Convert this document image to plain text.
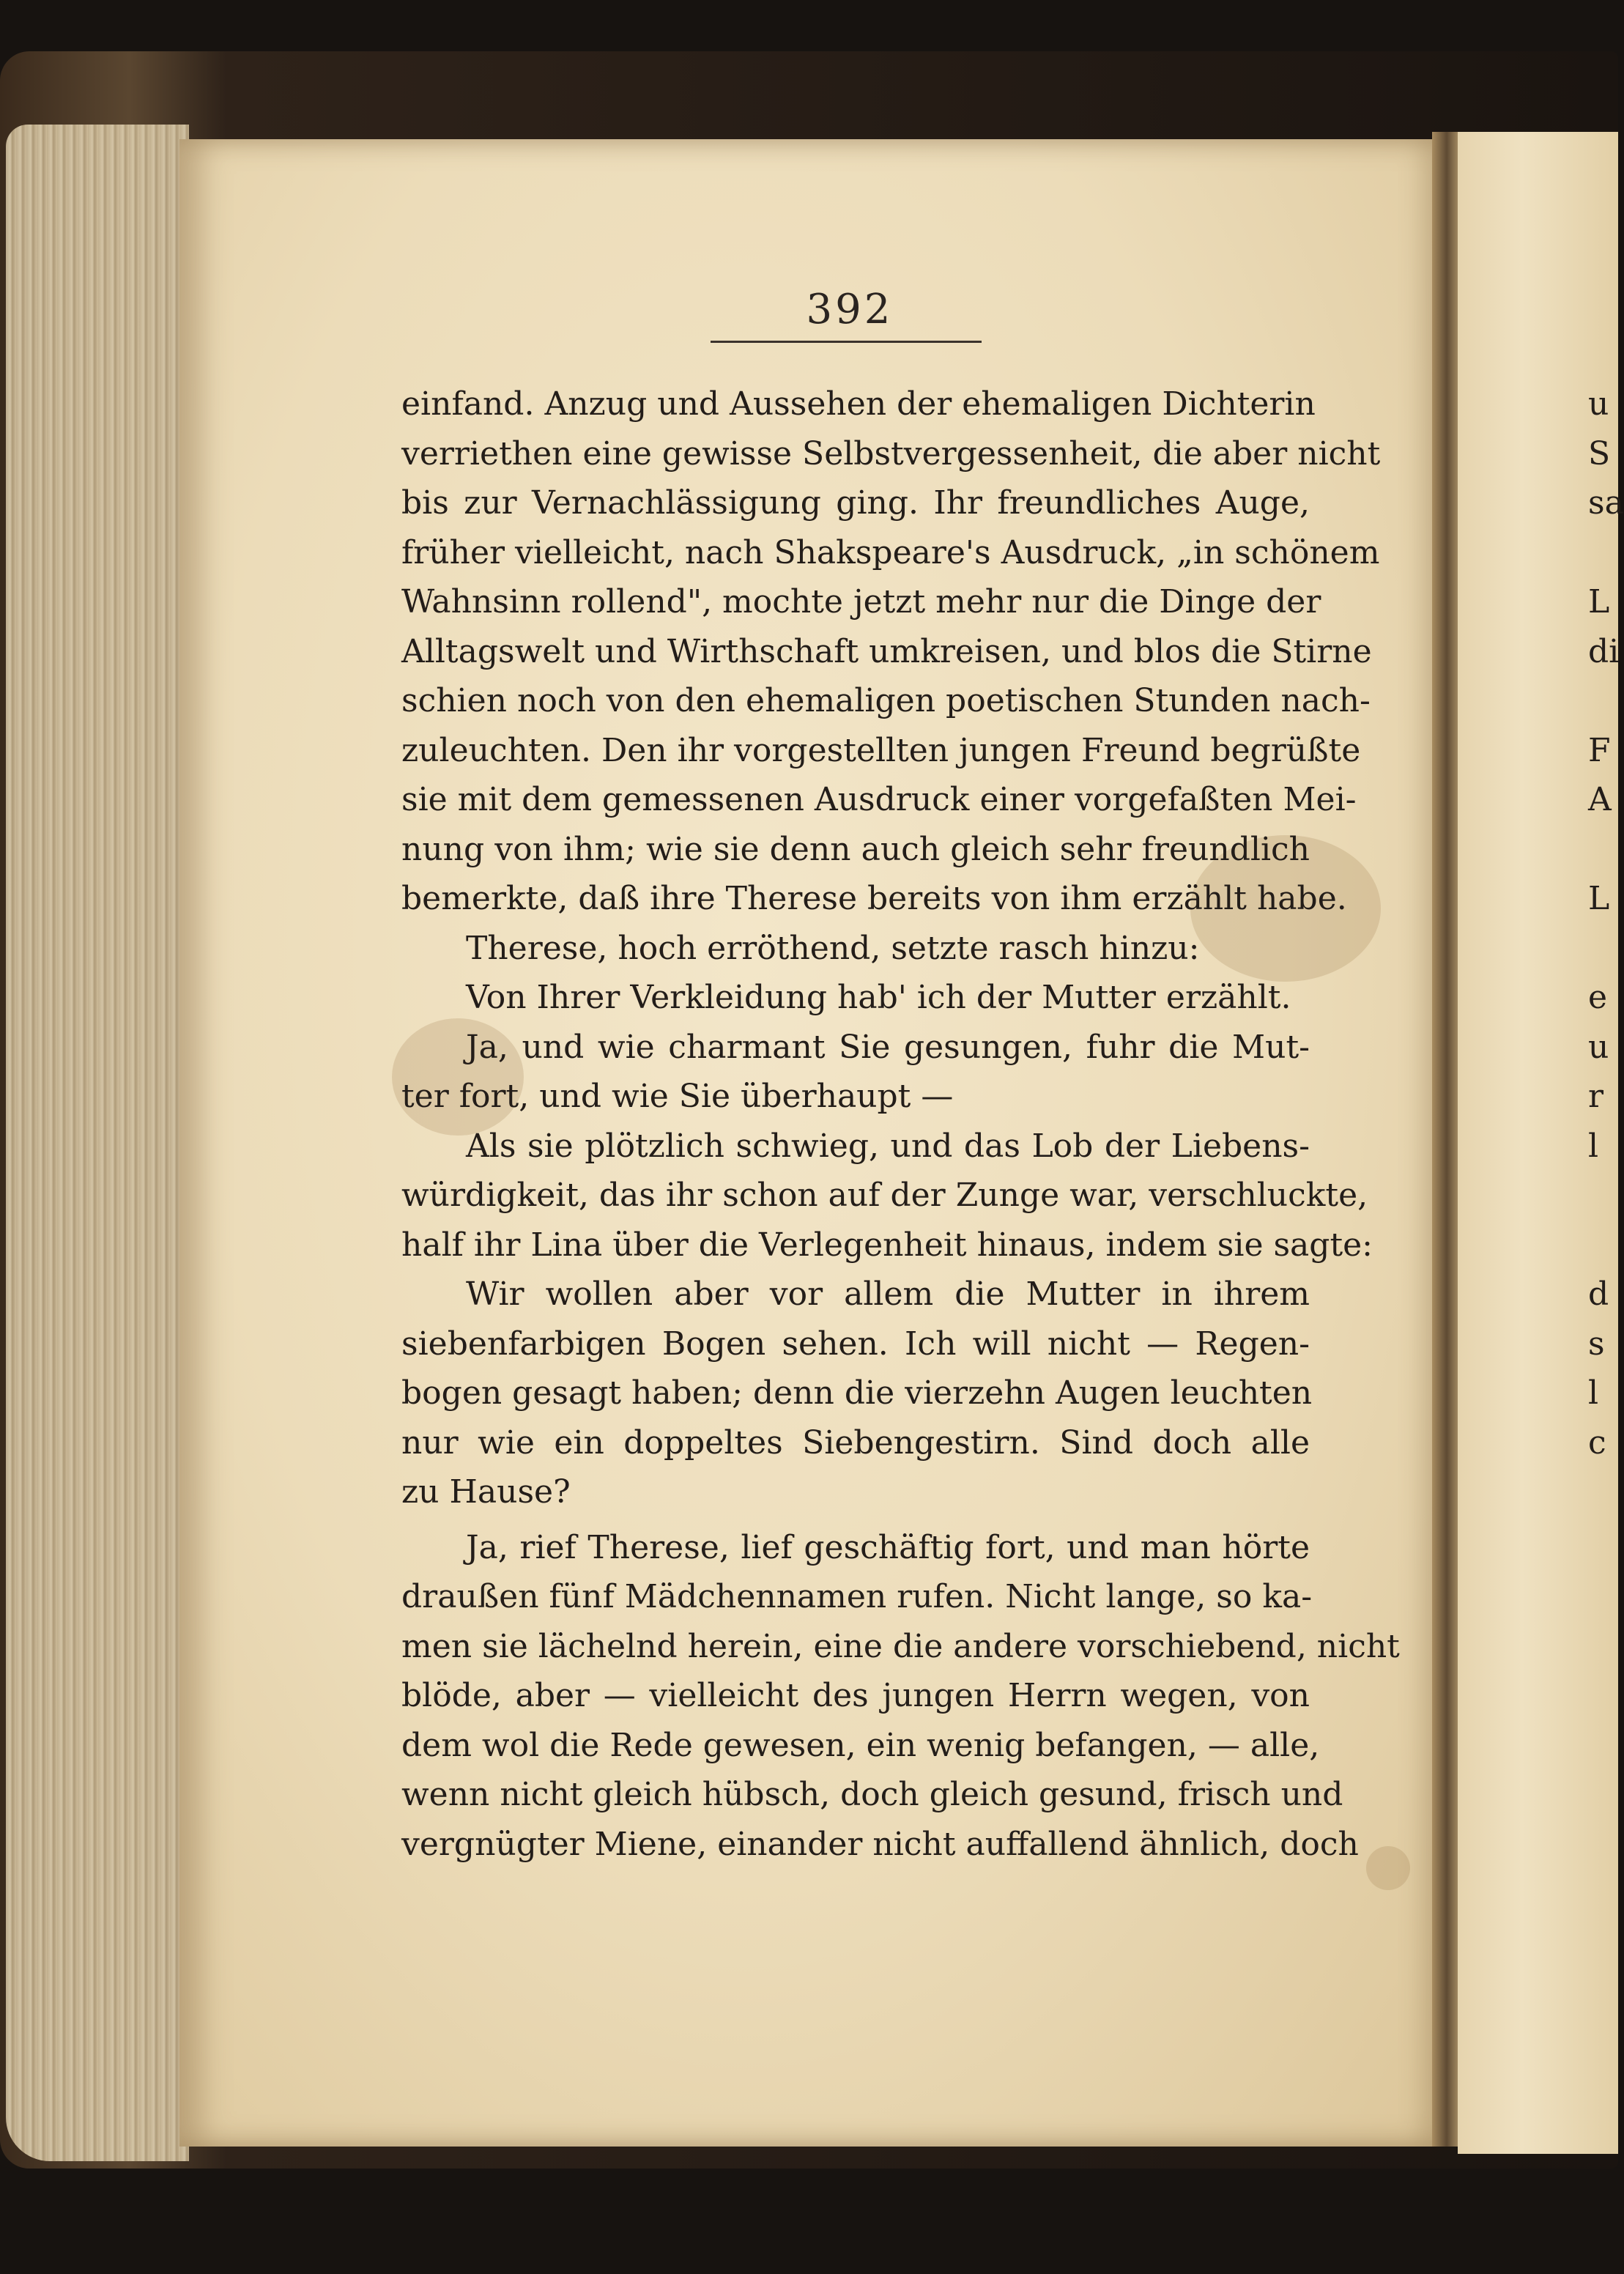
392
einfand. Anzug und Aussehen der ehemaligen Dichterin
verriethen eine gewisse Selbstvergessenheit, die aber nicht
bis zur Vernachlässigung ging. Ihr freundliches Auge,
früher vielleicht, nach Shakspeare's Ausdruck, „in schönem
Wahnsinn rollend", mochte jetzt mehr nur die Dinge der
Alltagswelt und Wirthschaft umkreisen, und blos die Stirne
schien noch von den ehemaligen poetischen Stunden nach-
zuleuchten. Den ihr vorgestellten jungen Freund begrüßte
sie mit dem gemessenen Ausdruck einer vorgefaßten Mei-
nung von ihm; wie sie denn auch gleich sehr freundlich
bemerkte, daß ihre Therese bereits von ihm erzählt habe.
Therese, hoch erröthend, setzte rasch hinzu:
Von Ihrer Verkleidung hab' ich der Mutter erzählt.
Ja, und wie charmant Sie gesungen, fuhr die Mut-
ter fort, und wie Sie überhaupt —
Als sie plötzlich schwieg, und das Lob der Liebens-
würdigkeit, das ihr schon auf der Zunge war, verschluckte,
half ihr Lina über die Verlegenheit hinaus, indem sie sagte:
Wir wollen aber vor allem die Mutter in ihrem
siebenfarbigen Bogen sehen. Ich will nicht — Regen-
bogen gesagt haben; denn die vierzehn Augen leuchten
nur wie ein doppeltes Siebengestirn. Sind doch alle
zu Hause?
Ja, rief Therese, lief geschäftig fort, und man hörte
draußen fünf Mädchennamen rufen. Nicht lange, so ka-
men sie lächelnd herein, eine die andere vorschiebend, nicht
blöde, aber — vielleicht des jungen Herrn wegen, von
dem wol die Rede gewesen, ein wenig befangen, — alle,
wenn nicht gleich hübsch, doch gleich gesund, frisch und
vergnügter Miene, einander nicht auffallend ähnlich, doch
u
S
sa
L
di
F
A
L
e
u
r
l
d
s
l
c
